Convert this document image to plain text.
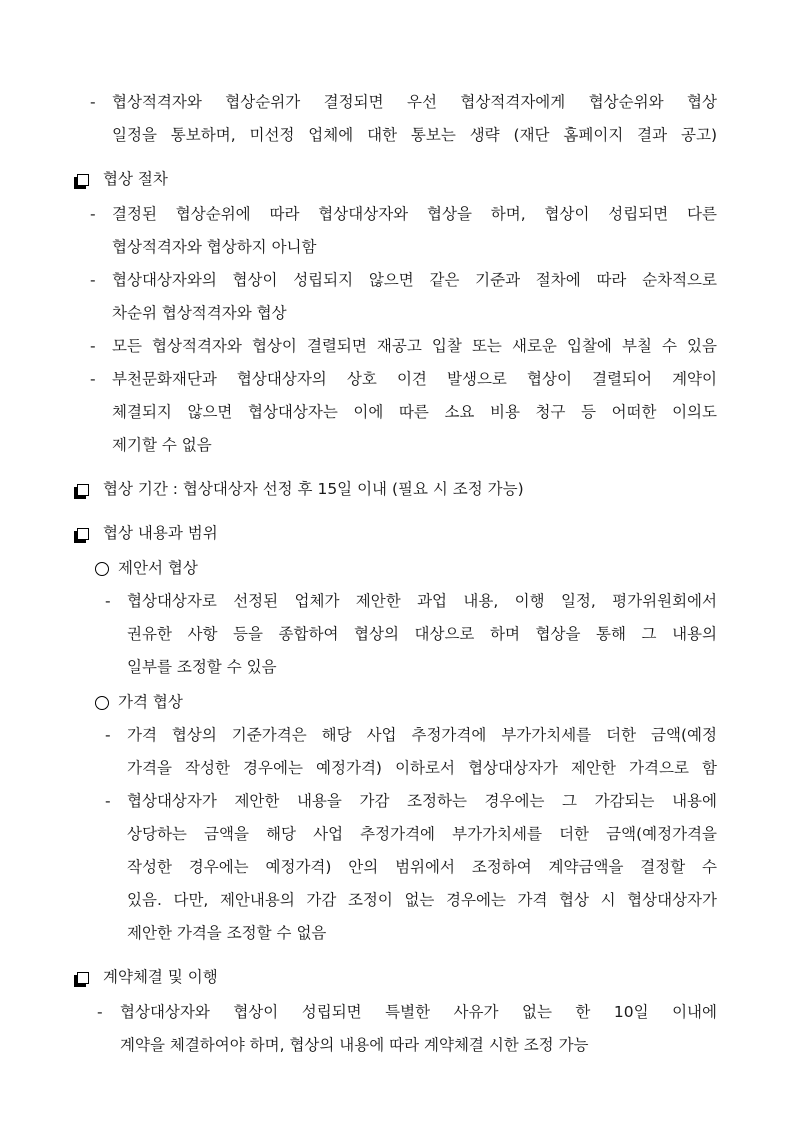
- 협상적격자와 협상순위가 결정되면 우선 협상적격자에게 협상순위와 협상
일정을 통보하며, 미선정 업체에 대한 통보는 생략 (재단 홈페이지 결과 공고)
협상 절차
- 결정된 협상순위에 따라 협상대상자와 협상을 하며, 협상이 성립되면 다른
협상적격자와 협상하지 아니함
- 협상대상자와의 협상이 성립되지 않으면 같은 기준과 절차에 따라 순차적으로
차순위 협상적격자와 협상
- 모든 협상적격자와 협상이 결렬되면 재공고 입찰 또는 새로운 입찰에 부칠 수 있음
- 부천문화재단과 협상대상자의 상호 이견 발생으로 협상이 결렬되어 계약이
체결되지 않으면 협상대상자는 이에 따른 소요 비용 청구 등 어떠한 이의도
제기할 수 없음
협상 기간 : 협상대상자 선정 후 15일 이내 (필요 시 조정 가능)
협상 내용과 범위
제안서 협상
- 협상대상자로 선정된 업체가 제안한 과업 내용, 이행 일정, 평가위원회에서
권유한 사항 등을 종합하여 협상의 대상으로 하며 협상을 통해 그 내용의
일부를 조정할 수 있음
가격 협상
- 가격 협상의 기준가격은 해당 사업 추정가격에 부가가치세를 더한 금액(예정
가격을 작성한 경우에는 예정가격) 이하로서 협상대상자가 제안한 가격으로 함
- 협상대상자가 제안한 내용을 가감 조정하는 경우에는 그 가감되는 내용에
상당하는 금액을 해당 사업 추정가격에 부가가치세를 더한 금액(예정가격을
작성한 경우에는 예정가격) 안의 범위에서 조정하여 계약금액을 결정할 수
있음. 다만, 제안내용의 가감 조정이 없는 경우에는 가격 협상 시 협상대상자가
제안한 가격을 조정할 수 없음
계약체결 및 이행
- 협상대상자와 협상이 성립되면 특별한 사유가 없는 한 10일 이내에
계약을 체결하여야 하며, 협상의 내용에 따라 계약체결 시한 조정 가능
